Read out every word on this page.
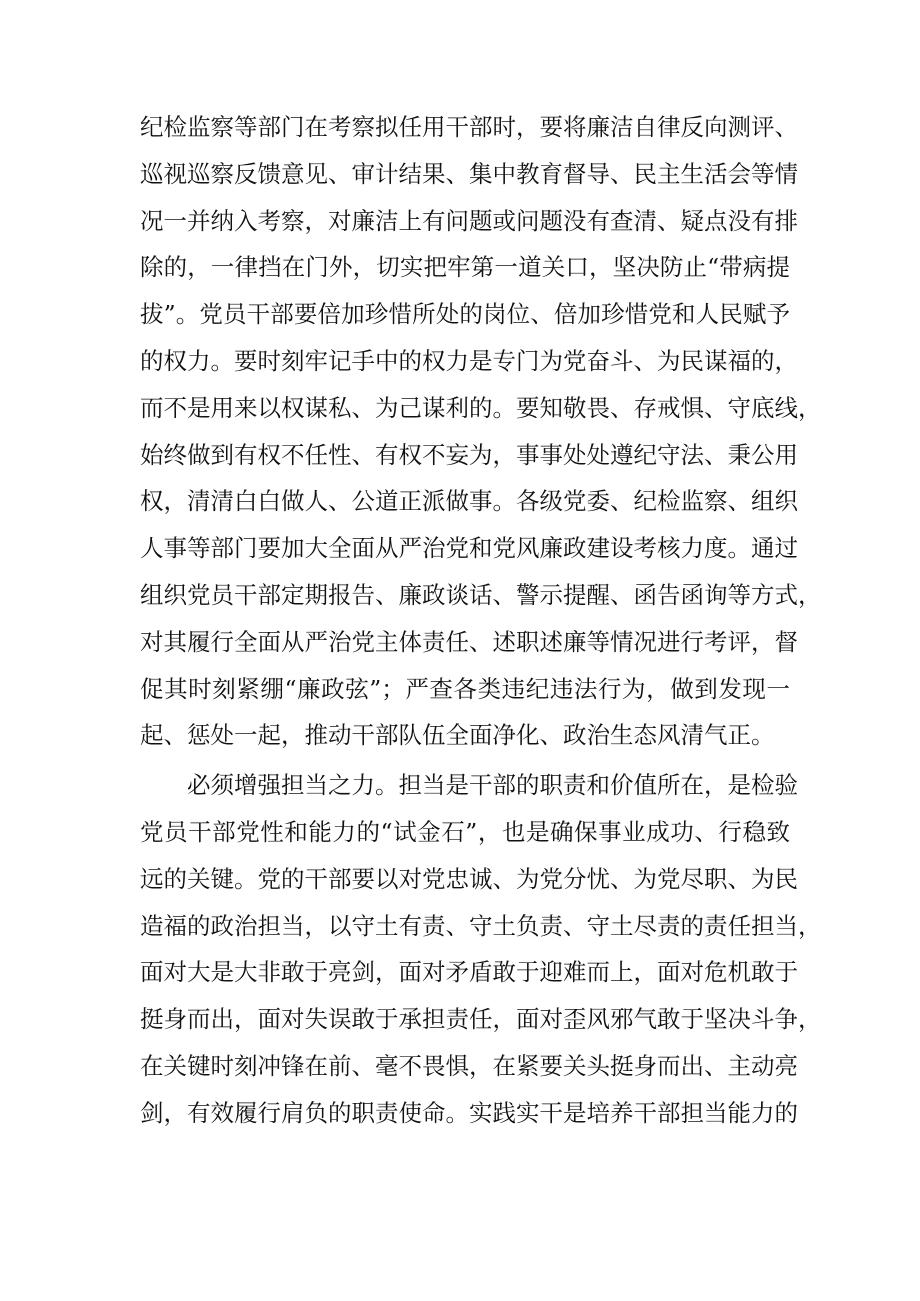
纪检监察等部门在考察拟任用干部时，要将廉洁自律反向测评、
巡视巡察反馈意见、审计结果、集中教育督导、民主生活会等情
况一并纳入考察，对廉洁上有问题或问题没有查清、疑点没有排
除的，一律挡在门外，切实把牢第一道关口，坚决防止“带病提
拔”。党员干部要倍加珍惜所处的岗位、倍加珍惜党和人民赋予
的权力。要时刻牢记手中的权力是专门为党奋斗、为民谋福的，
而不是用来以权谋私、为己谋利的。要知敬畏、存戒惧、守底线，
始终做到有权不任性、有权不妄为，事事处处遵纪守法、秉公用
权，清清白白做人、公道正派做事。各级党委、纪检监察、组织
人事等部门要加大全面从严治党和党风廉政建设考核力度。通过
组织党员干部定期报告、廉政谈话、警示提醒、函告函询等方式，
对其履行全面从严治党主体责任、述职述廉等情况进行考评，督
促其时刻紧绷“廉政弦”；严查各类违纪违法行为，做到发现一
起、惩处一起，推动干部队伍全面净化、政治生态风清气正。
必须增强担当之力。担当是干部的职责和价值所在，是检验
党员干部党性和能力的“试金石”，也是确保事业成功、行稳致
远的关键。党的干部要以对党忠诚、为党分忧、为党尽职、为民
造福的政治担当，以守土有责、守土负责、守土尽责的责任担当，
面对大是大非敢于亮剑，面对矛盾敢于迎难而上，面对危机敢于
挺身而出，面对失误敢于承担责任，面对歪风邪气敢于坚决斗争，
在关键时刻冲锋在前、毫不畏惧，在紧要关头挺身而出、主动亮
剑，有效履行肩负的职责使命。实践实干是培养干部担当能力的
